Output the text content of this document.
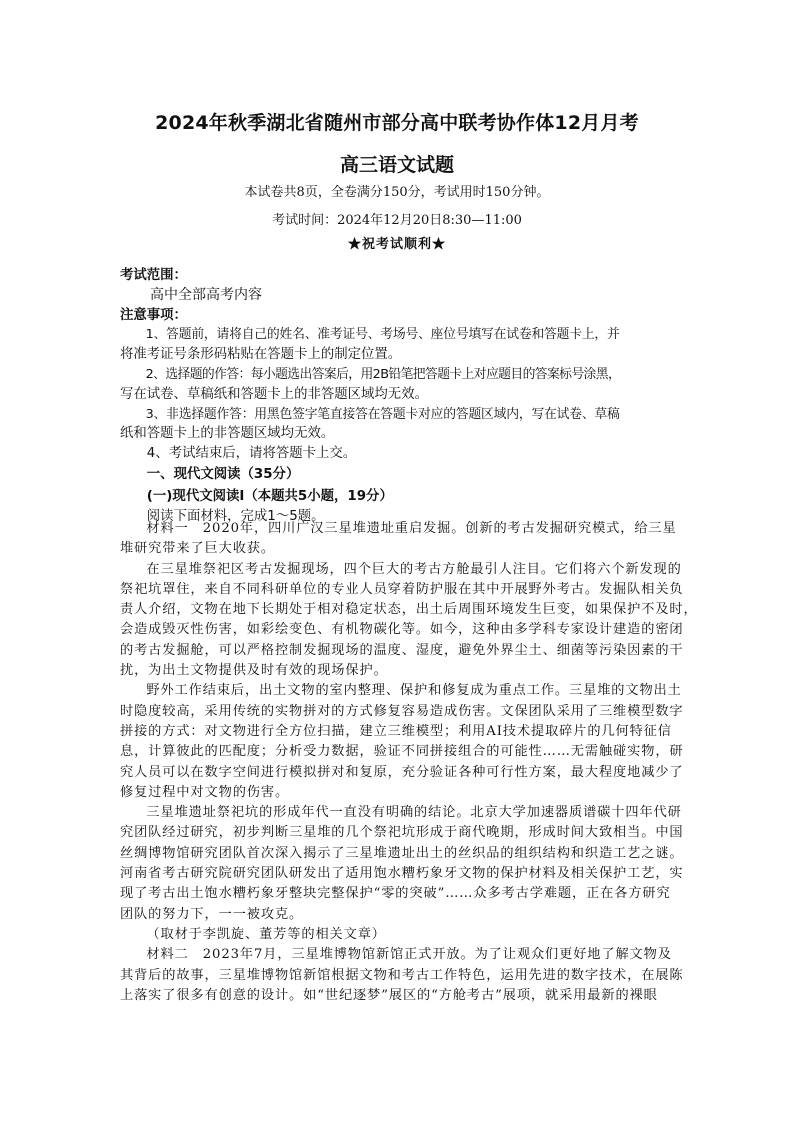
2024年秋季湖北省随州市部分高中联考协作体12月月考
高三语文试题
本试卷共8页，全卷满分150分，考试用时150分钟。
考试时间：2024年12月20日8:30—11:00
★祝考试顺利★
考试范围：
高中全部高考内容
注意事项：
1、答题前，请将自己的姓名、准考证号、考场号、座位号填写在试卷和答题卡上，并
将准考证号条形码粘贴在答题卡上的制定位置。
2、选择题的作答：每小题选出答案后，用2B铅笔把答题卡上对应题目的答案标号涂黑，
写在试卷、草稿纸和答题卡上的非答题区域均无效。
3、非选择题作答：用黑色签字笔直接答在答题卡对应的答题区域内，写在试卷、草稿
纸和答题卡上的非答题区域均无效。
4、考试结束后，请将答题卡上交。
一、现代文阅读（35分）
(一)现代文阅读Ⅰ（本题共5小题，19分）
阅读下面材料，完成1～5题。
材料一　2020年，四川广汉三星堆遗址重启发掘。创新的考古发掘研究模式，给三星
堆研究带来了巨大收获。
在三星堆祭祀区考古发掘现场，四个巨大的考古方舱最引人注目。它们将六个新发现的
祭祀坑罩住，来自不同科研单位的专业人员穿着防护服在其中开展野外考古。发掘队相关负
责人介绍，文物在地下长期处于相对稳定状态，出土后周围环境发生巨变，如果保护不及时，
会造成毁灭性伤害，如彩绘变色、有机物碳化等。如今，这种由多学科专家设计建造的密闭
的考古发掘舱，可以严格控制发掘现场的温度、湿度，避免外界尘土、细菌等污染因素的干
扰，为出土文物提供及时有效的现场保护。
野外工作结束后，出土文物的室内整理、保护和修复成为重点工作。三星堆的文物出土
时隐度较高，采用传统的实物拼对的方式修复容易造成伤害。文保团队采用了三维模型数字
拼接的方式：对文物进行全方位扫描，建立三维模型；利用AI技术提取碎片的几何特征信
息，计算彼此的匹配度；分析受力数据，验证不同拼接组合的可能性……无需触碰实物，研
究人员可以在数字空间进行模拟拼对和复原，充分验证各种可行性方案，最大程度地减少了
修复过程中对文物的伤害。
三星堆遗址祭祀坑的形成年代一直没有明确的结论。北京大学加速器质谱碳十四年代研
究团队经过研究，初步判断三星堆的几个祭祀坑形成于商代晚期，形成时间大致相当。中国
丝绸博物馆研究团队首次深入揭示了三星堆遗址出土的丝织品的组织结构和织造工艺之谜。
河南省考古研究院研究团队研发出了适用饱水糟朽象牙文物的保护材料及相关保护工艺，实
现了考古出土饱水糟朽象牙整块完整保护“零的突破”……众多考古学难题，正在各方研究
团队的努力下，一一被攻克。
（取材于李凯旋、董芳等的相关文章）
材料二　2023年7月，三星堆博物馆新馆正式开放。为了让观众们更好地了解文物及
其背后的故事，三星堆博物馆新馆根据文物和考古工作特色，运用先进的数字技术，在展陈
上落实了很多有创意的设计。如“世纪逐梦”展区的“方舱考古”展项，就采用最新的裸眼
